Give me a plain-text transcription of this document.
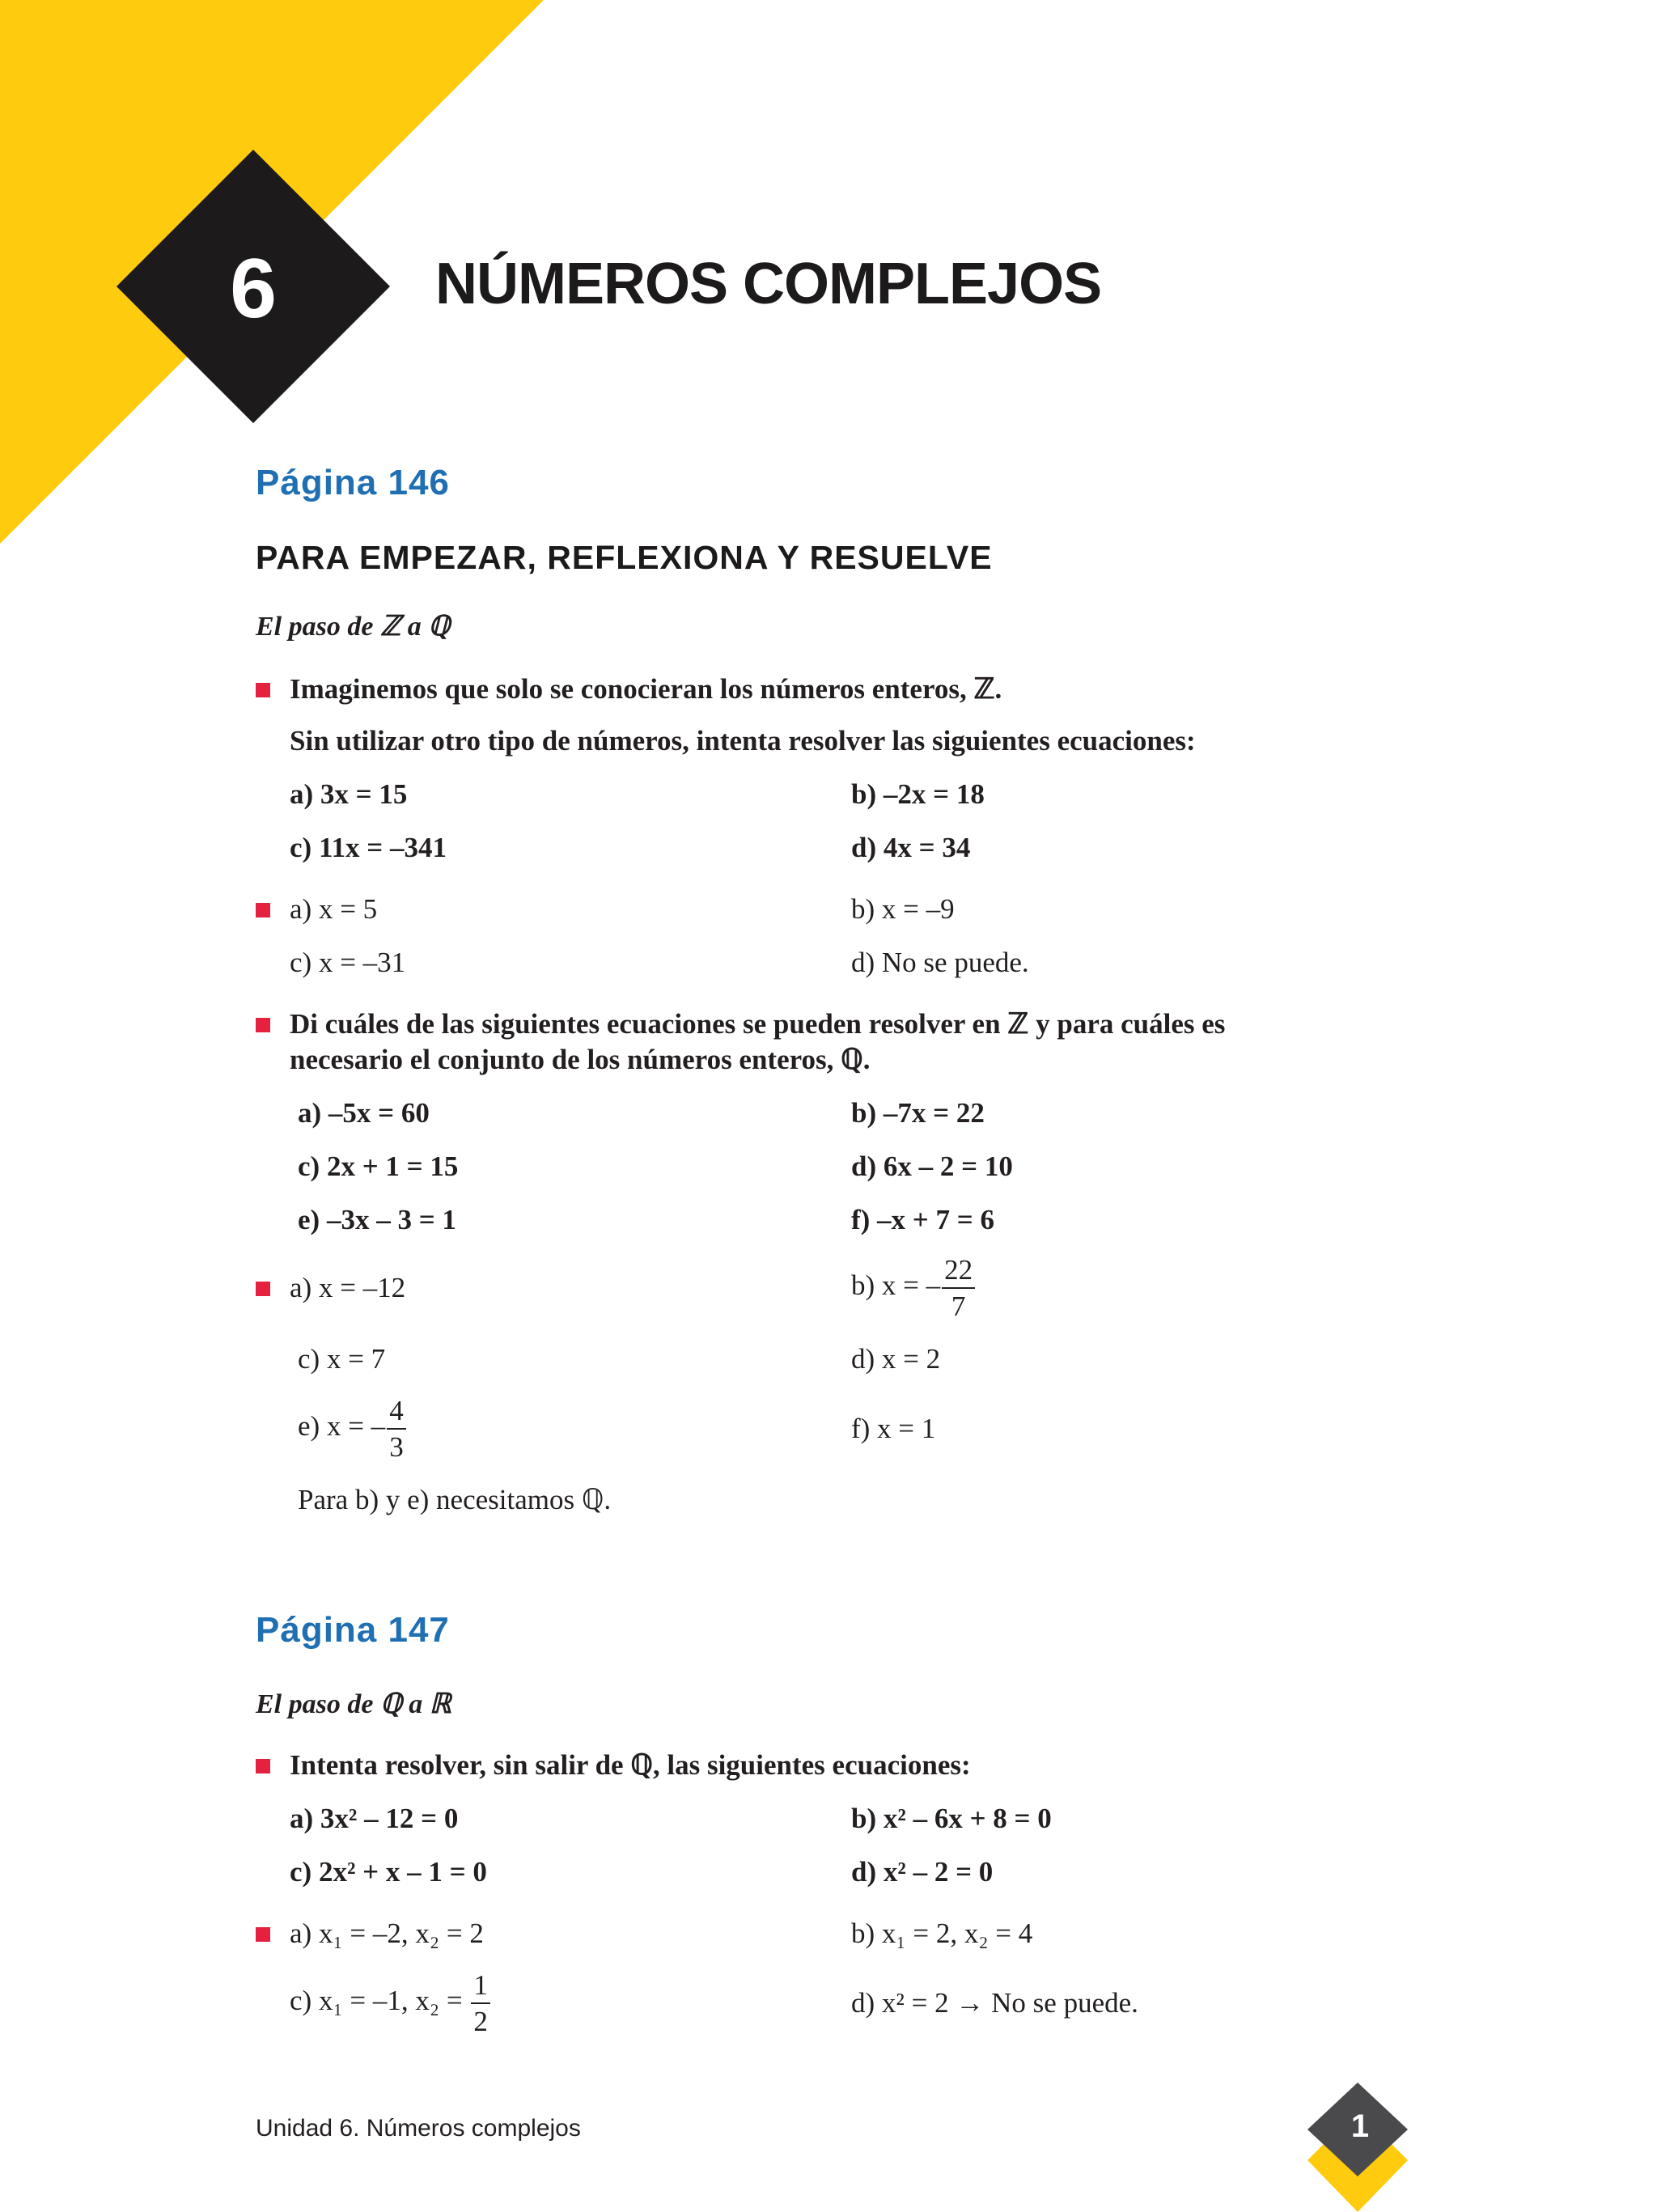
6	NÚMEROS COMPLEJOS
Página 146
PARA EMPEZAR, REFLEXIONA Y RESUELVE
El paso de ℤ a ℚ
Imaginemos que solo se conocieran los números enteros, ℤ.
Sin utilizar otro tipo de números, intenta resolver las siguientes ecuaciones:
a) 3x = 15	b) –2x = 18
c) 11x = –341	d) 4x = 34
a) x = 5	b) x = –9
c) x = –31	d) No se puede.
Di cuáles de las siguientes ecuaciones se pueden resolver en ℤ y para cuáles es
necesario el conjunto de los números enteros, ℚ.
a) –5x = 60	b) –7x = 22
c) 2x + 1 = 15	d) 6x – 2 = 10
e) –3x – 3 = 1	f) –x + 7 = 6
a) x = –12	b) x = – $\frac{22}{7}$
c) x = 7	d) x = 2
e) x = – $\frac{4}{3}$	f) x = 1
Para b) y e) necesitamos ℚ.
Página 147
El paso de ℚ a ℝ
Intenta resolver, sin salir de ℚ, las siguientes ecuaciones:
a) 3x² – 12 = 0	b) x² – 6x + 8 = 0
c) 2x² + x – 1 = 0	d) x² – 2 = 0
a) x₁ = –2, x₂ = 2	b) x₁ = 2, x₂ = 4
c) x₁ = –1, $x_2 = \frac{1}{2}$	d) x² = 2 → No se puede.
Unidad 6. Números complejos	1
